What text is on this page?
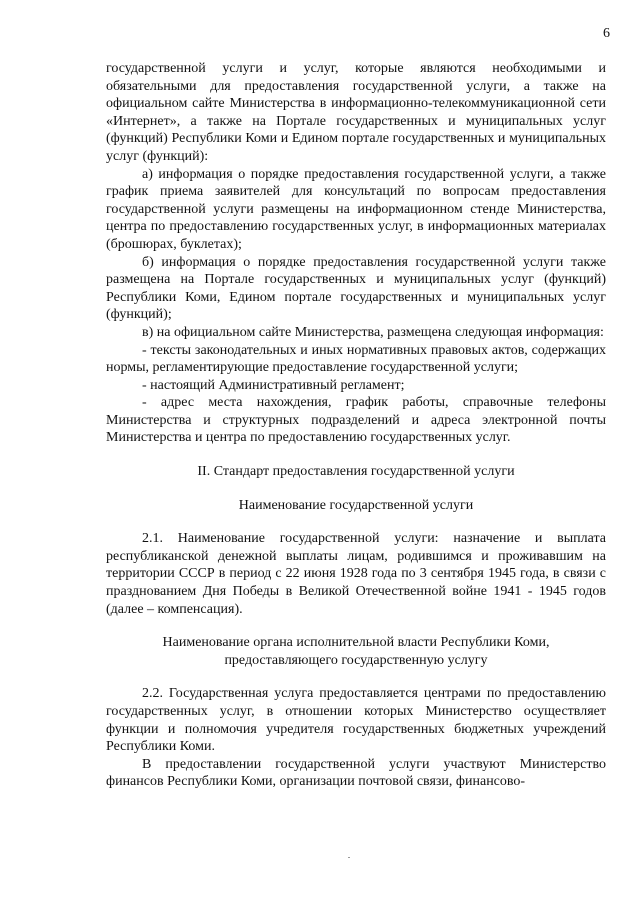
6

государственной услуги и услуг, которые являются необходимыми и обязательными для предоставления государственной услуги, а также на официальном сайте Министерства в информационно-телекоммуникационной сети «Интернет», а также на Портале государственных и муниципальных услуг (функций) Республики Коми и Едином портале государственных и муниципальных услуг (функций):

а) информация о порядке предоставления государственной услуги, а также график приема заявителей для консультаций по вопросам предоставления государственной услуги размещены на информационном стенде Министерства, центра по предоставлению государственных услуг, в информационных материалах (брошюрах, буклетах);

б) информация о порядке предоставления государственной услуги также размещена на Портале государственных и муниципальных услуг (функций) Республики Коми, Едином портале государственных и муниципальных услуг (функций);

в) на официальном сайте Министерства, размещена следующая информация:

- тексты законодательных и иных нормативных правовых актов, содержащих нормы, регламентирующие предоставление государственной услуги;

- настоящий Административный регламент;

- адрес места нахождения, график работы, справочные телефоны Министерства и структурных подразделений и адреса электронной почты Министерства и центра по предоставлению государственных услуг.

II. Стандарт предоставления государственной услуги

Наименование государственной услуги

2.1. Наименование государственной услуги: назначение и выплата республиканской денежной выплаты лицам, родившимся и проживавшим на территории СССР в период с 22 июня 1928 года по 3 сентября 1945 года, в связи с празднованием Дня Победы в Великой Отечественной войне 1941 - 1945 годов (далее – компенсация).

Наименование органа исполнительной власти Республики Коми,

предоставляющего государственную услугу

2.2. Государственная услуга предоставляется центрами по предоставлению государственных услуг, в отношении которых Министерство осуществляет функции и полномочия учредителя государственных бюджетных учреждений Республики Коми.

В предоставлении государственной услуги участвуют Министерство финансов Республики Коми, организации почтовой связи, финансово-
